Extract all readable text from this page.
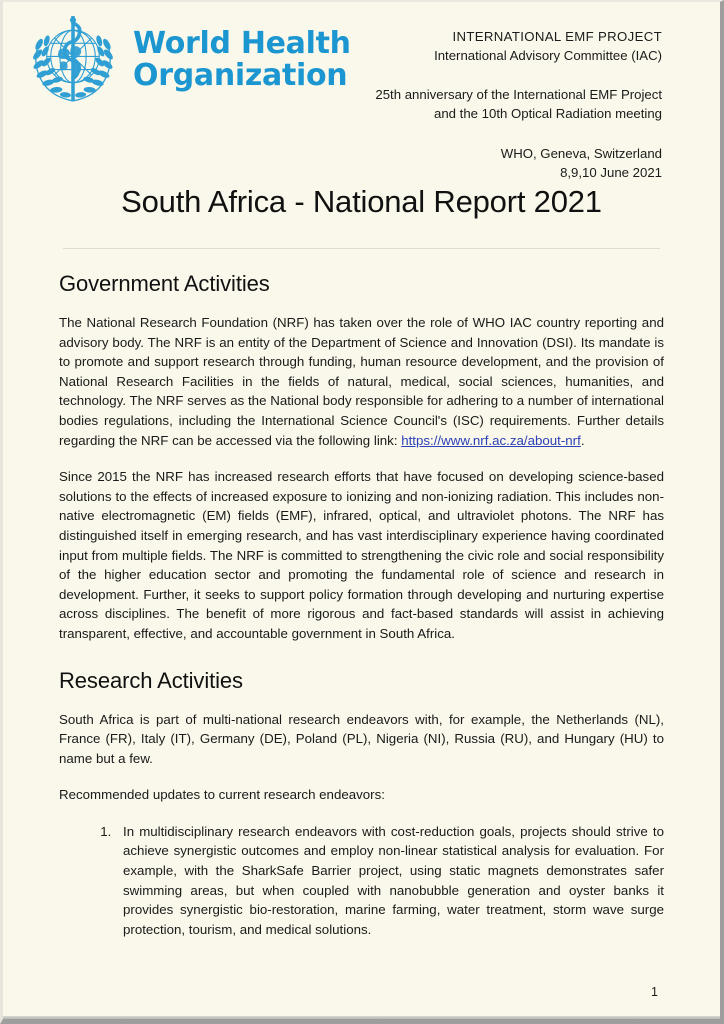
World Health
Organization
INTERNATIONAL EMF PROJECT
International Advisory Committee (IAC)
25th anniversary of the International EMF Project
and the 10th Optical Radiation meeting
WHO, Geneva, Switzerland
8,9,10 June 2021
South Africa - National Report 2021
Government Activities

The National Research Foundation (NRF) has taken over the role of WHO IAC country reporting and advisory body. The NRF is an entity of the Department of Science and Innovation (DSI). Its mandate is to promote and support research through funding, human resource development, and the provision of National Research Facilities in the fields of natural, medical, social sciences, humanities, and technology. The NRF serves as the National body responsible for adhering to a number of international bodies regulations, including the International Science Council's (ISC) requirements. Further details regarding the NRF can be accessed via the following link: https://www.nrf.ac.za/about-nrf.

Since 2015 the NRF has increased research efforts that have focused on developing science-based solutions to the effects of increased exposure to ionizing and non-ionizing radiation. This includes non-native electromagnetic (EM) fields (EMF), infrared, optical, and ultraviolet photons. The NRF has distinguished itself in emerging research, and has vast interdisciplinary experience having coordinated input from multiple fields. The NRF is committed to strengthening the civic role and social responsibility of the higher education sector and promoting the fundamental role of science and research in development. Further, it seeks to support policy formation through developing and nurturing expertise across disciplines. The benefit of more rigorous and fact-based standards will assist in achieving transparent, effective, and accountable government in South Africa.

Research Activities

South Africa is part of multi-national research endeavors with, for example, the Netherlands (NL), France (FR), Italy (IT), Germany (DE), Poland (PL), Nigeria (NI), Russia (RU), and Hungary (HU) to name but a few.

Recommended updates to current research endeavors:

1. In multidisciplinary research endeavors with cost-reduction goals, projects should strive to achieve synergistic outcomes and employ non-linear statistical analysis for evaluation. For example, with the SharkSafe Barrier project, using static magnets demonstrates safer swimming areas, but when coupled with nanobubble generation and oyster banks it provides synergistic bio-restoration, marine farming, water treatment, storm wave surge protection, tourism, and medical solutions.
1
